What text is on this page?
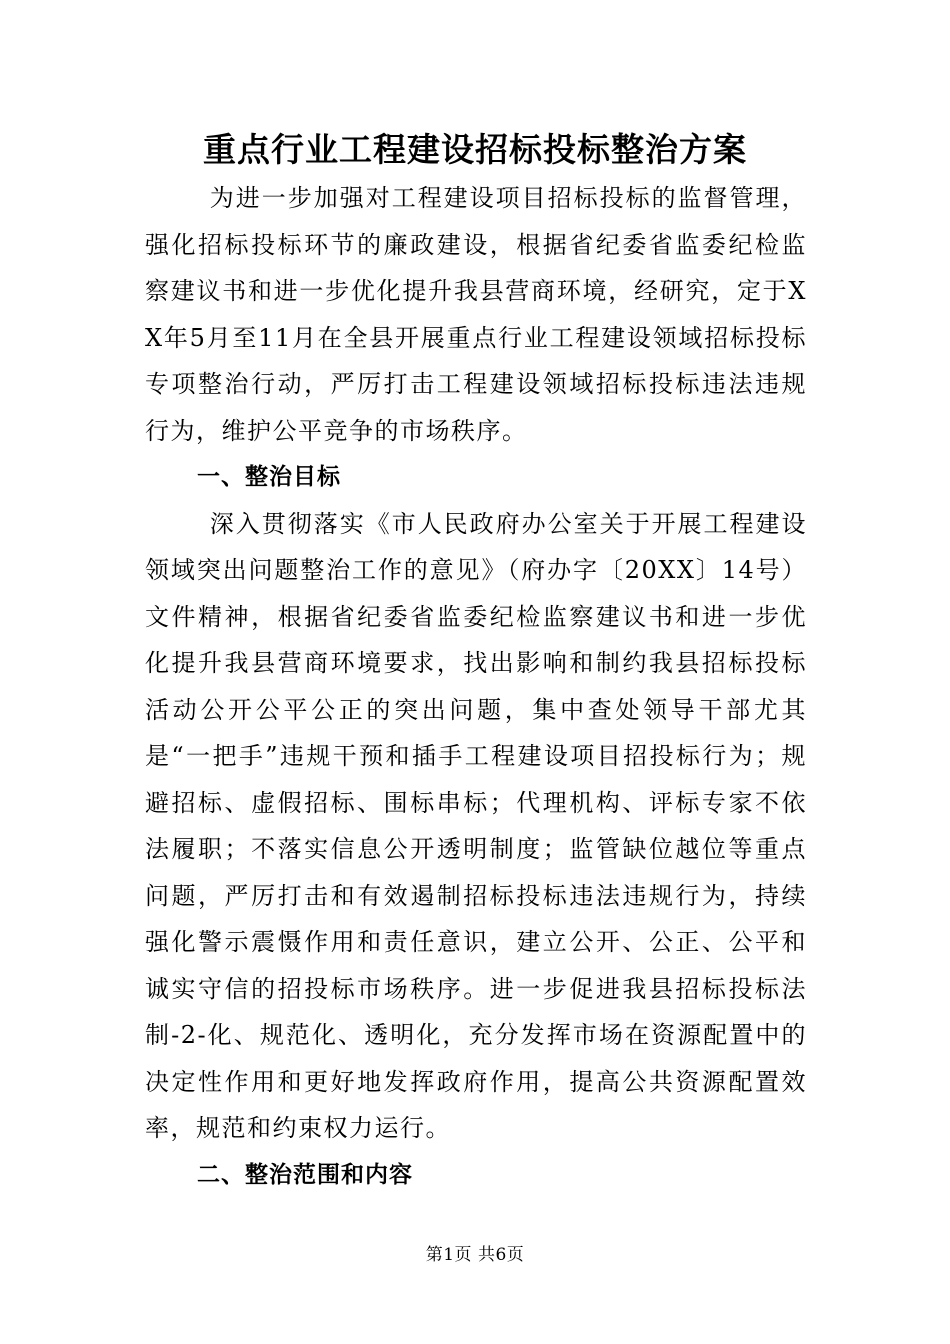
重点行业工程建设招标投标整治方案

为进一步加强对工程建设项目招标投标的监督管理，强化招标投标环节的廉政建设，根据省纪委省监委纪检监察建议书和进一步优化提升我县营商环境，经研究，定于XX年5月至11月在全县开展重点行业工程建设领域招标投标专项整治行动，严厉打击工程建设领域招标投标违法违规行为，维护公平竞争的市场秩序。

一、整治目标

深入贯彻落实《市人民政府办公室关于开展工程建设领域突出问题整治工作的意见》（府办字〔20XX〕14号）文件精神，根据省纪委省监委纪检监察建议书和进一步优化提升我县营商环境要求，找出影响和制约我县招标投标活动公开公平公正的突出问题，集中查处领导干部尤其是“一把手”违规干预和插手工程建设项目招投标行为；规避招标、虚假招标、围标串标；代理机构、评标专家不依法履职；不落实信息公开透明制度；监管缺位越位等重点问题，严厉打击和有效遏制招标投标违法违规行为，持续强化警示震慑作用和责任意识，建立公开、公正、公平和诚实守信的招投标市场秩序。进一步促进我县招标投标法制-2-化、规范化、透明化，充分发挥市场在资源配置中的决定性作用和更好地发挥政府作用，提高公共资源配置效率，规范和约束权力运行。

二、整治范围和内容

第1页 共6页
